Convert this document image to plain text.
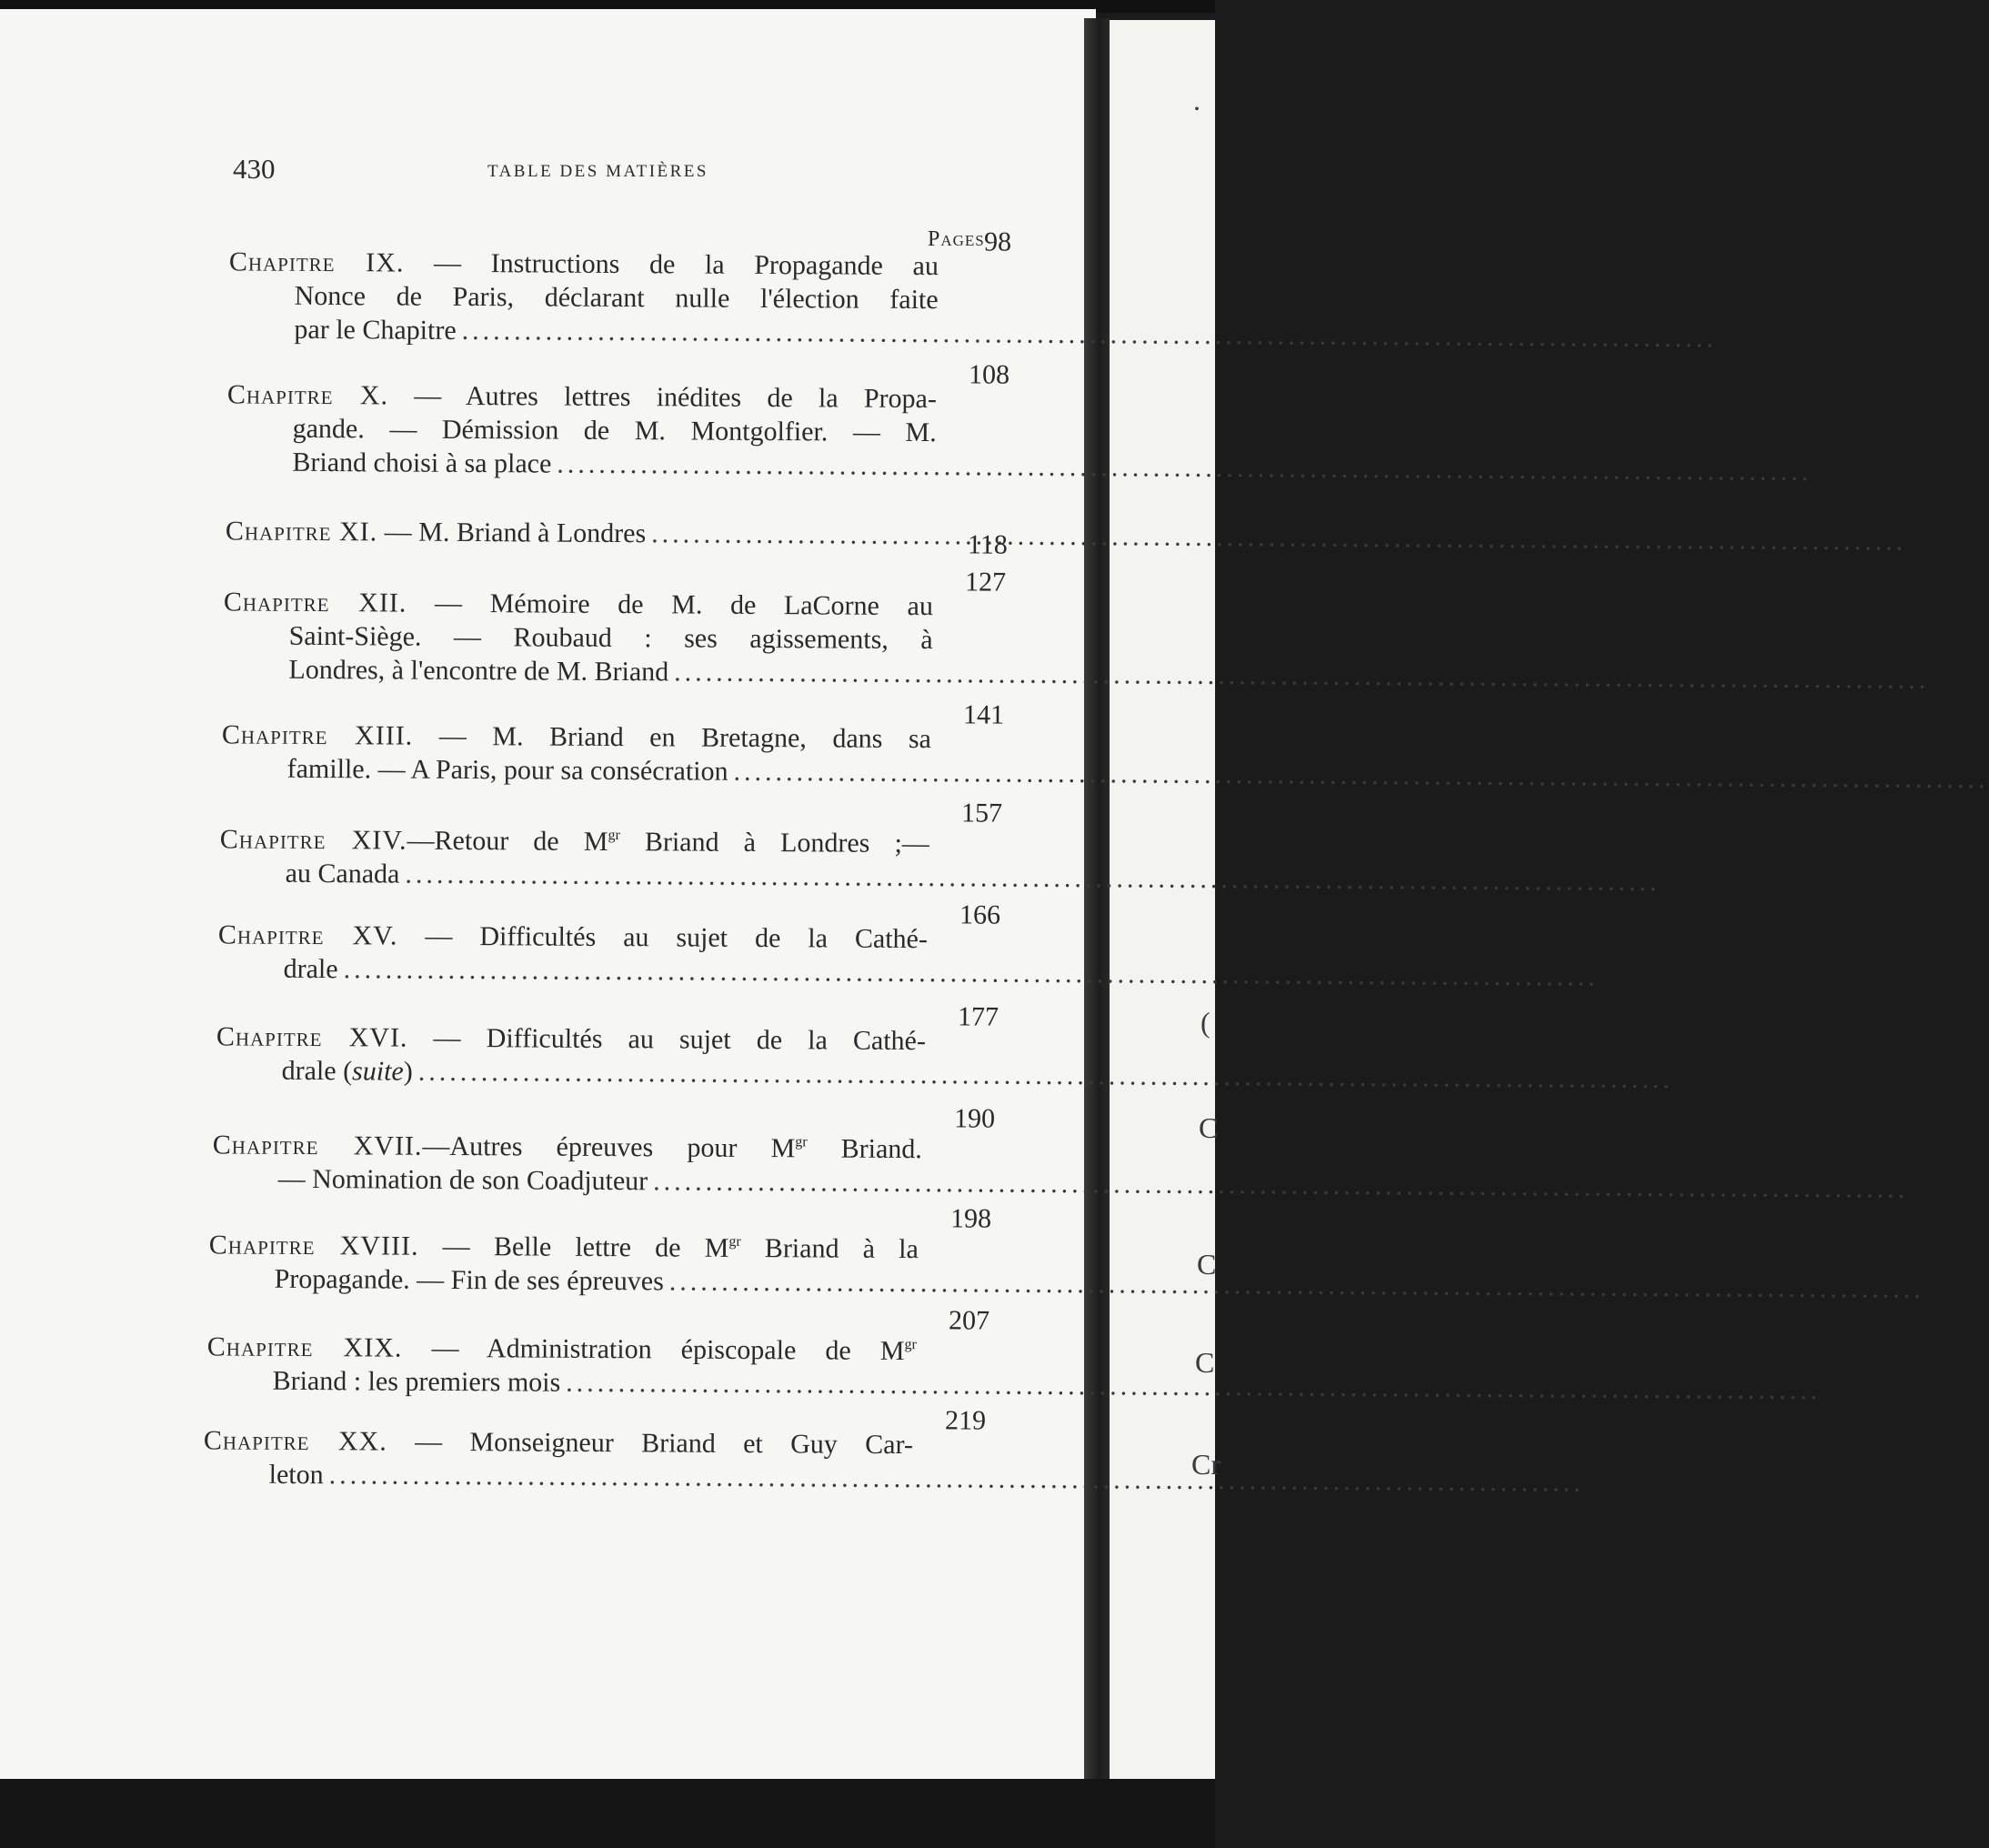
430	TABLE DES MATIÈRES
Pages
Chapitre IX. — Instructions de la Propagande au
Nonce de Paris, déclarant nulle l'élection faite
par le Chapitre
.....
98
Chapitre X. — Autres lettres inédites de la Propa-
gande. — Démission de M. Montgolfier. — M.
Briand choisi à sa place
.....
108
Chapitre XI. — M. Briand à Londres
.....	118
Chapitre XII. — Mémoire de M. de LaCorne au
Saint-Siège. — Roubaud : ses agissements, à
Londres, à l'encontre de M. Briand
.....
127
Chapitre XIII. — M. Briand en Bretagne, dans sa
famille. — A Paris, pour sa consécration
.....
141
Chapitre XIV.—Retour de $M^{gr}$ Briand à Londres ;—
au Canada
.....
157
Chapitre XV. — Difficultés au sujet de la Cathé-
drale
.....
166
Chapitre XVI. — Difficultés au sujet de la Cathé-
drale (suite)
.....
177
Chapitre XVII.—Autres épreuves pour $M^{gr}$ Briand.
— Nomination de son Coadjuteur
.....
190
Chapitre XVIII. — Belle lettre de $M^{gr}$ Briand à la
Propagande. — Fin de ses épreuves
.....
198
Chapitre XIX. — Administration épiscopale de $M^{gr}$
Briand : les premiers mois
.....
207
Chapitre XX. — Monseigneur Briand et Guy Car-
leton
.....
219
.
(
C
C
C
Cr
